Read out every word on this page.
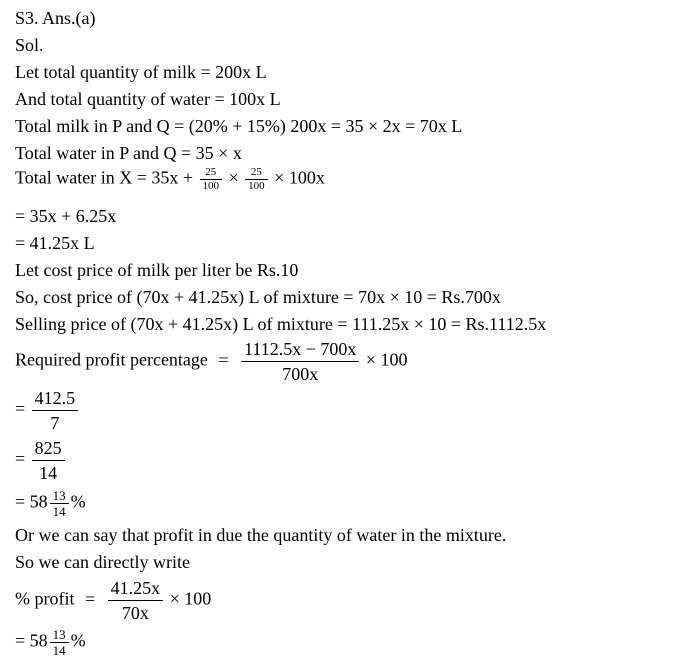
S3. Ans.(a)
Sol.
Let total quantity of milk = 200x L
And total quantity of water = 100x L
Total milk in P and Q = (20% + 15%) 200x = 35 × 2x = 70x L
Total water in P and Q = 35 × x
Total water in $X = 35x + \frac{25}{100} \times \frac{25}{100} \times 100x$
= 35x + 6.25x
= 41.25x L
Let cost price of milk per liter be Rs.10
So, cost price of (70x + 41.25x) L of mixture = 70x × 10 = Rs.700x
Selling price of (70x + 41.25x) L of mixture = 111.25x × 10 = Rs.1112.5x
Required profit percentage = $\frac{1112.5x - 700x}{700x} \times 100$
= $\frac{412.5}{7}$
= $\frac{825}{14}$
= $58 \frac{13}{14}$ %
Or we can say that profit in due the quantity of water in the mixture.
So we can directly write
% profit = $\frac{41.25x}{70x} \times 100$
= $58 \frac{13}{14}$ %
